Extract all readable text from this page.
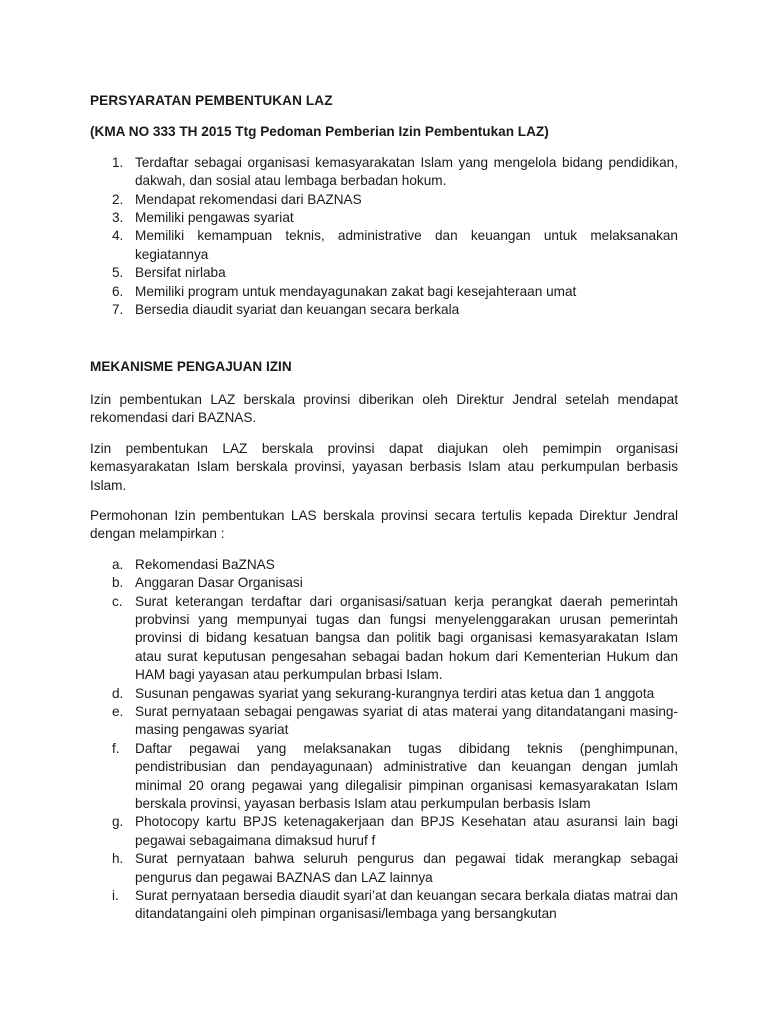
PERSYARATAN PEMBENTUKAN LAZ

(KMA NO 333 TH 2015 Ttg Pedoman Pemberian Izin Pembentukan LAZ)

1. Terdaftar sebagai organisasi kemasyarakatan Islam yang mengelola bidang pendidikan, dakwah, dan sosial atau lembaga berbadan hokum.
2. Mendapat rekomendasi dari BAZNAS
3. Memiliki pengawas syariat
4. Memiliki kemampuan teknis, administrative dan keuangan untuk melaksanakan kegiatannya
5. Bersifat nirlaba
6. Memiliki program untuk mendayagunakan zakat bagi kesejahteraan umat
7. Bersedia diaudit syariat dan keuangan secara berkala

MEKANISME PENGAJUAN IZIN

Izin pembentukan LAZ berskala provinsi diberikan oleh Direktur Jendral setelah mendapat rekomendasi dari BAZNAS.

Izin pembentukan LAZ berskala provinsi dapat diajukan oleh pemimpin organisasi kemasyarakatan Islam berskala provinsi, yayasan berbasis Islam atau perkumpulan berbasis Islam.

Permohonan Izin pembentukan LAS berskala provinsi secara tertulis kepada Direktur Jendral dengan melampirkan :

a. Rekomendasi BaZNAS
b. Anggaran Dasar Organisasi
c. Surat keterangan terdaftar dari organisasi/satuan kerja perangkat daerah pemerintah probvinsi yang mempunyai tugas dan fungsi menyelenggarakan urusan pemerintah provinsi di bidang kesatuan bangsa dan politik bagi organisasi kemasyarakatan Islam atau surat keputusan pengesahan sebagai badan hokum dari Kementerian Hukum dan HAM bagi yayasan atau perkumpulan brbasi Islam.
d. Susunan pengawas syariat yang sekurang-kurangnya terdiri atas ketua dan 1 anggota
e. Surat pernyataan sebagai pengawas syariat di atas materai yang ditandatangani masing-masing pengawas syariat
f. Daftar pegawai yang melaksanakan tugas dibidang teknis (penghimpunan, pendistribusian dan pendayagunaan) administrative dan keuangan dengan jumlah minimal 20 orang pegawai yang dilegalisir pimpinan organisasi kemasyarakatan Islam berskala provinsi, yayasan berbasis Islam atau perkumpulan berbasis Islam
g. Photocopy kartu BPJS ketenagakerjaan dan BPJS Kesehatan atau asuransi lain bagi pegawai sebagaimana dimaksud huruf f
h. Surat pernyataan bahwa seluruh pengurus dan pegawai tidak merangkap sebagai pengurus dan pegawai BAZNAS dan LAZ lainnya
i. Surat pernyataan bersedia diaudit syari’at dan keuangan secara berkala diatas matrai dan ditandatangaini oleh pimpinan organisasi/lembaga yang bersangkutan
